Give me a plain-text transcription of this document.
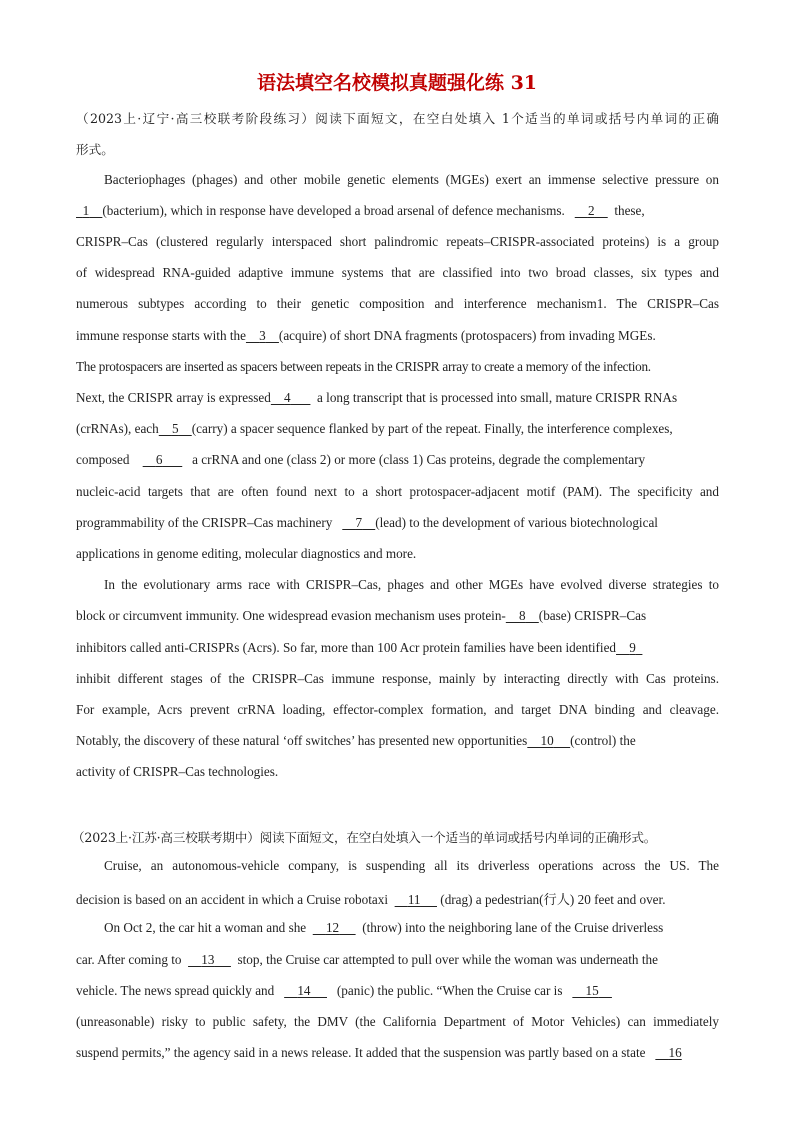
语法填空名校模拟真题强化练 31
（2023上·辽宁·高三校联考阶段练习）阅读下面短文，在空白处填入 1个适当的单词或括号内单词的正确
形式。
Bacteriophages (phages) and other mobile genetic elements (MGEs) exert an immense selective pressure on
1 (bacterium), which in response have developed a broad arsenal of defence mechanisms. 2 these,
CRISPR–Cas (clustered regularly interspaced short palindromic repeats–CRISPR-associated proteins) is a group
of widespread RNA-guided adaptive immune systems that are classified into two broad classes, six types and
numerous subtypes according to their genetic composition and interference mechanism1. The CRISPR–Cas
immune response starts with the 3 (acquire) of short DNA fragments (protospacers) from invading MGEs.
The protospacers are inserted as spacers between repeats in the CRISPR array to create a memory of the infection.
Next, the CRISPR array is expressed 4 a long transcript that is processed into small, mature CRISPR RNAs
(crRNAs), each 5 (carry) a spacer sequence flanked by part of the repeat. Finally, the interference complexes,
composed 6 a crRNA and one (class 2) or more (class 1) Cas proteins, degrade the complementary
nucleic-acid targets that are often found next to a short protospacer-adjacent motif (PAM). The specificity and
programmability of the CRISPR–Cas machinery 7 (lead) to the development of various biotechnological
applications in genome editing, molecular diagnostics and more.
In the evolutionary arms race with CRISPR–Cas, phages and other MGEs have evolved diverse strategies to
block or circumvent immunity. One widespread evasion mechanism uses protein- 8 (base) CRISPR–Cas
inhibitors called anti-CRISPRs (Acrs). So far, more than 100 Acr protein families have been identified 9
inhibit different stages of the CRISPR–Cas immune response, mainly by interacting directly with Cas proteins.
For example, Acrs prevent crRNA loading, effector-complex formation, and target DNA binding and cleavage.
Notably, the discovery of these natural ‘off switches’ has presented new opportunities 10 (control) the
activity of CRISPR–Cas technologies.
（2023上·江苏·高三校联考期中）阅读下面短文，在空白处填入一个适当的单词或括号内单词的正确形式。
Cruise, an autonomous-vehicle company, is suspending all its driverless operations across the US. The
decision is based on an accident in which a Cruise robotaxi 11 (drag) a pedestrian(行人) 20 feet and over.
On Oct 2, the car hit a woman and she 12 (throw) into the neighboring lane of the Cruise driverless
car. After coming to 13 stop, the Cruise car attempted to pull over while the woman was underneath the
vehicle. The news spread quickly and 14 (panic) the public. “When the Cruise car is 15
(unreasonable) risky to public safety, the DMV (the California Department of Motor Vehicles) can immediately
suspend permits,” the agency said in a news release. It added that the suspension was partly based on a state 16
